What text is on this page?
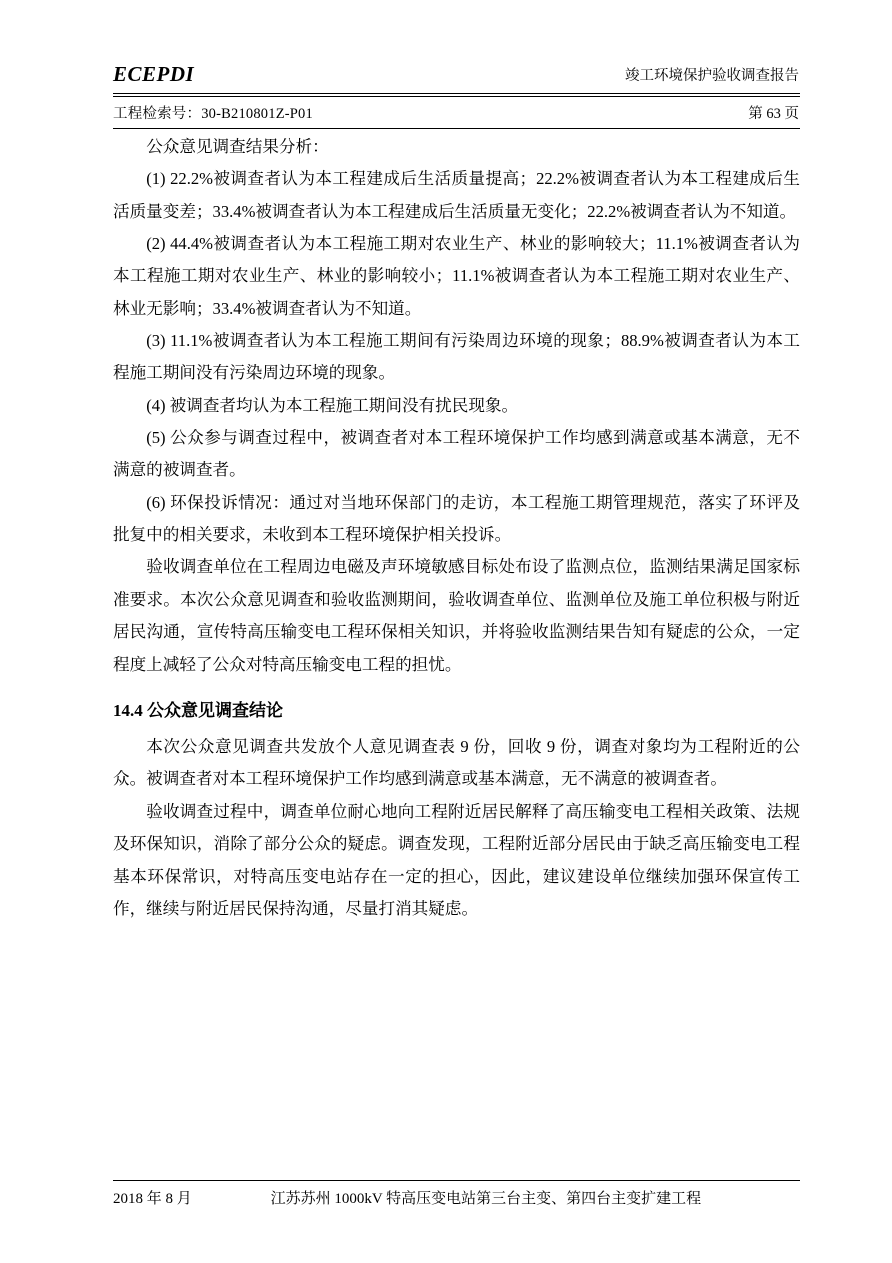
ECEPDI	竣工环境保护验收调查报告
工程检索号：30-B210801Z-P01	第 63 页

公众意见调查结果分析：

(1) 22.2%被调查者认为本工程建成后生活质量提高；22.2%被调查者认为本工程建成后生活质量变差；33.4%被调查者认为本工程建成后生活质量无变化；22.2%被调查者认为不知道。

(2) 44.4%被调查者认为本工程施工期对农业生产、林业的影响较大；11.1%被调查者认为本工程施工期对农业生产、林业的影响较小；11.1%被调查者认为本工程施工期对农业生产、林业无影响；33.4%被调查者认为不知道。

(3) 11.1%被调查者认为本工程施工期间有污染周边环境的现象；88.9%被调查者认为本工程施工期间没有污染周边环境的现象。

(4) 被调查者均认为本工程施工期间没有扰民现象。

(5) 公众参与调查过程中，被调查者对本工程环境保护工作均感到满意或基本满意，无不满意的被调查者。

(6) 环保投诉情况：通过对当地环保部门的走访，本工程施工期管理规范，落实了环评及批复中的相关要求，未收到本工程环境保护相关投诉。

验收调查单位在工程周边电磁及声环境敏感目标处布设了监测点位，监测结果满足国家标准要求。本次公众意见调查和验收监测期间，验收调查单位、监测单位及施工单位积极与附近居民沟通，宣传特高压输变电工程环保相关知识，并将验收监测结果告知有疑虑的公众，一定程度上减轻了公众对特高压输变电工程的担忧。

14.4 公众意见调查结论

本次公众意见调查共发放个人意见调查表 9 份，回收 9 份，调查对象均为工程附近的公众。被调查者对本工程环境保护工作均感到满意或基本满意，无不满意的被调查者。

验收调查过程中，调查单位耐心地向工程附近居民解释了高压输变电工程相关政策、法规及环保知识，消除了部分公众的疑虑。调查发现，工程附近部分居民由于缺乏高压输变电工程基本环保常识，对特高压变电站存在一定的担心，因此，建议建设单位继续加强环保宣传工作，继续与附近居民保持沟通，尽量打消其疑虑。

2018 年 8 月	江苏苏州 1000kV 特高压变电站第三台主变、第四台主变扩建工程
